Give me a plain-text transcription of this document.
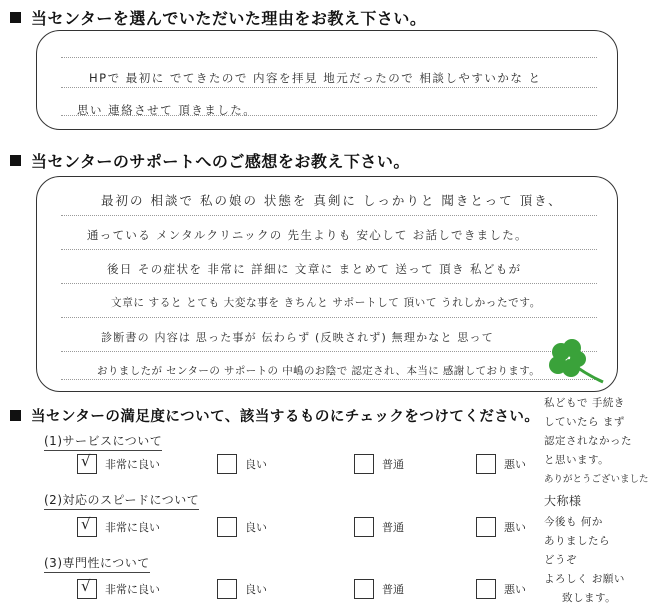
当センターを選んでいただいた理由をお教え下さい。
HPで 最初に でてきたので 内容を拝見 地元だったので 相談しやすいかな と
思い 連絡させて 頂きました。
当センターのサポートへのご感想をお教え下さい。
最初の 相談で 私の娘の 状態を 真剣に しっかりと 聞きとって 頂き、
通っている メンタルクリニックの 先生よりも 安心して お話しできました。
後日 その症状を 非常に 詳細に 文章に まとめて 送って 頂き 私どもが
文章に すると とても 大変な事を きちんと サポートして 頂いて うれしかったです。
診断書の 内容は 思った事が 伝わらず (反映されず) 無理かなと 思って
おりましたが センターの サポートの 中嶋のお陰で 認定され、本当に 感謝しております。
当センターの満足度について、該当するものにチェックをつけてください。
(1)サービスについて
√ 非常に良い	良い	普通	悪い
(2)対応のスピードについて
√ 非常に良い	良い	普通	悪い
(3)専門性について
√ 非常に良い	良い	普通	悪い
私どもで 手続き
していたら まず
認定されなかった
と思います。
ありがとうございました
大称様
今後も 何か
ありましたら
どうぞ
よろしく お願い
致します。
